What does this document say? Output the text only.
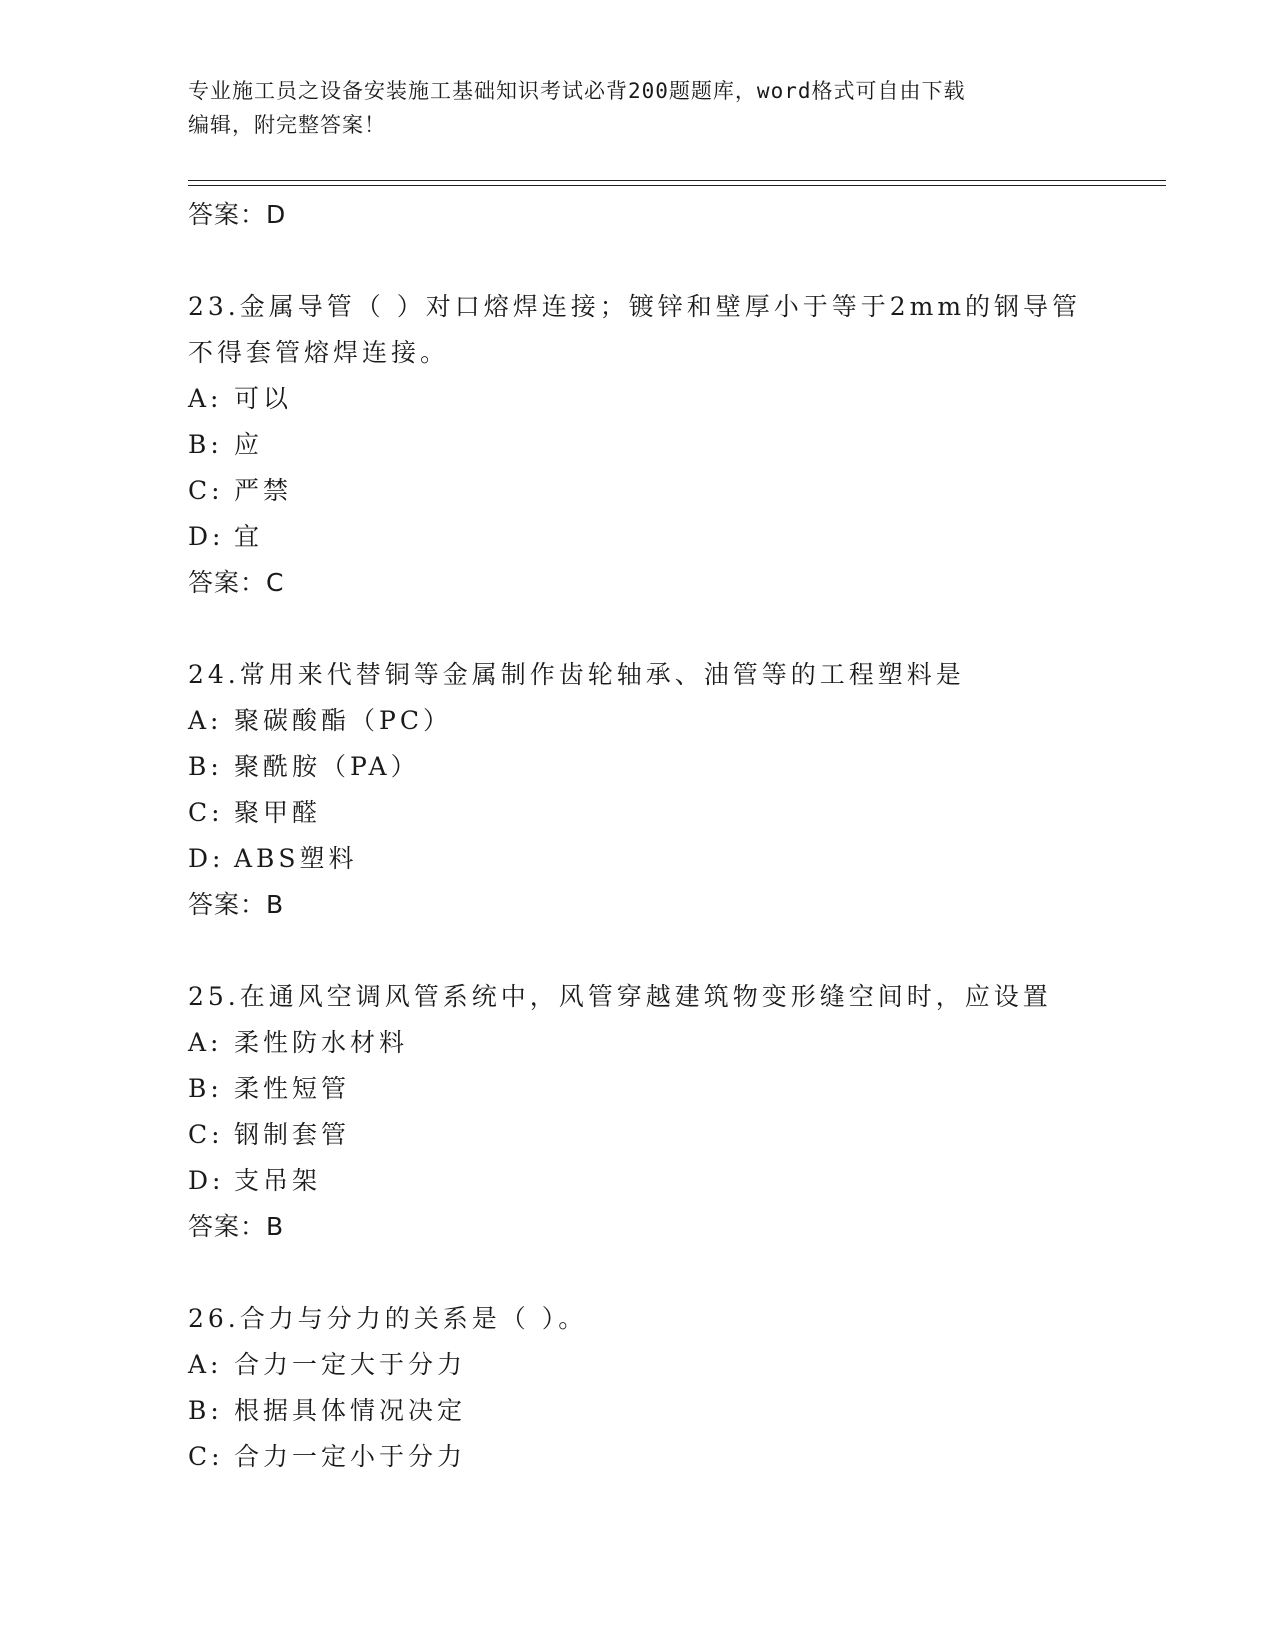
专业施工员之设备安装施工基础知识考试必背200题题库，word格式可自由下载
编辑，附完整答案！
答案：D
23.金属导管（ ）对口熔焊连接；镀锌和壁厚小于等于2mm的钢导管
不得套管熔焊连接。
A: 可以
B: 应
C: 严禁
D: 宜
答案：C
24.常用来代替铜等金属制作齿轮轴承、油管等的工程塑料是
A: 聚碳酸酯（PC）
B: 聚酰胺（PA）
C: 聚甲醛
D: ABS塑料
答案：B
25.在通风空调风管系统中，风管穿越建筑物变形缝空间时，应设置
A: 柔性防水材料
B: 柔性短管
C: 钢制套管
D: 支吊架
答案：B
26.合力与分力的关系是（ ）。
A: 合力一定大于分力
B: 根据具体情况决定
C: 合力一定小于分力
